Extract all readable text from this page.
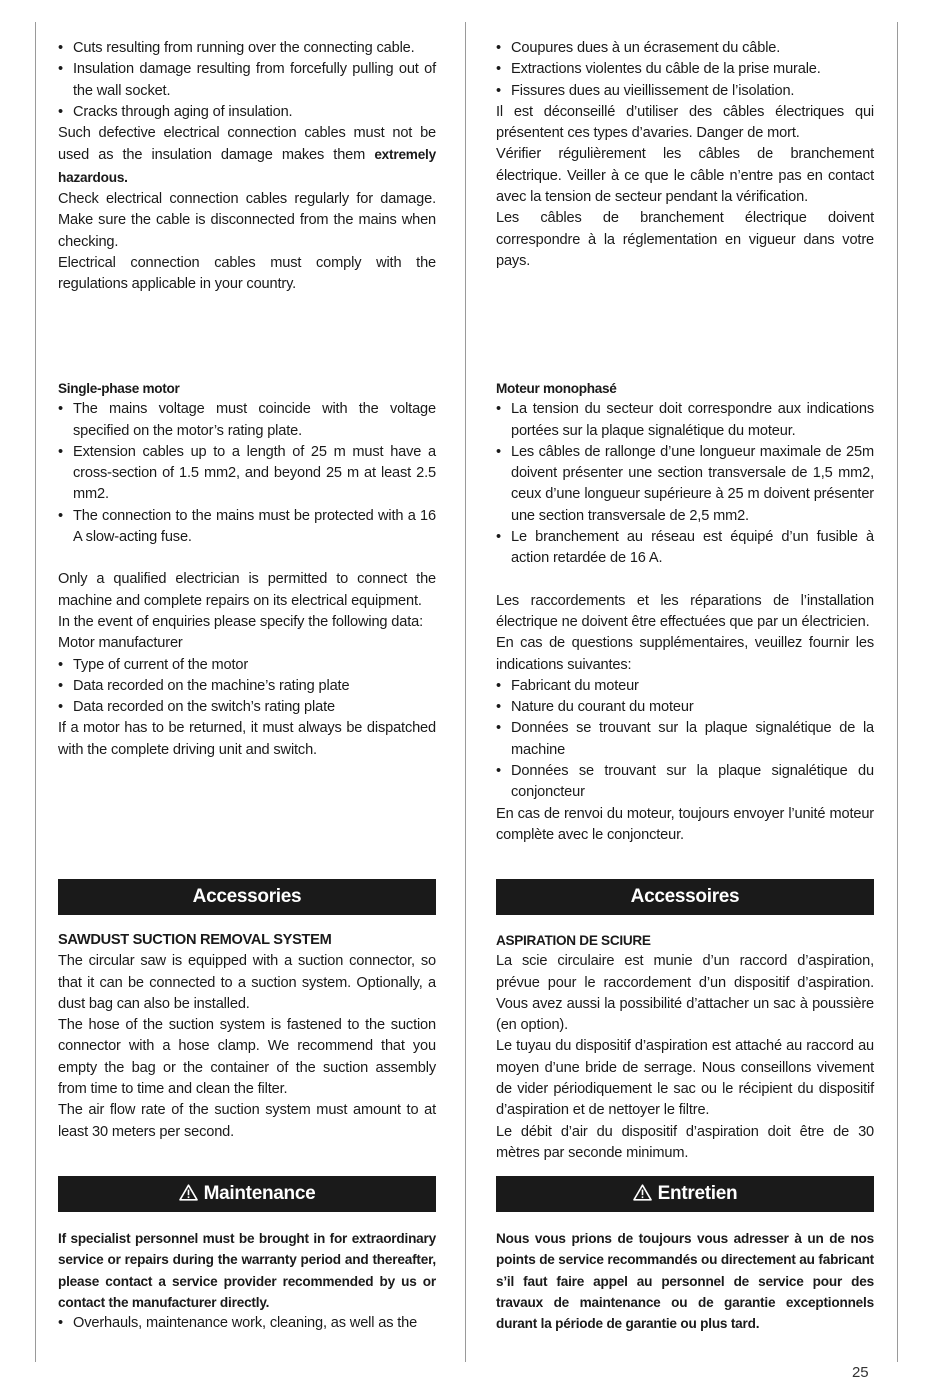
• Cuts resulting from running over the connecting cable.
• Insulation damage resulting from forcefully pulling out of the wall socket.
• Cracks through aging of insulation.

Such defective electrical connection cables must not be used as the insulation damage makes them extremely hazardous.

Check electrical connection cables regularly for damage. Make sure the cable is disconnected from the mains when checking.

Electrical connection cables must comply with the regulations applicable in your country.

• Coupures dues à un écrasement du câble.
• Extractions violentes du câble de la prise murale.
• Fissures dues au vieillissement de l’isolation.

Il est déconseillé d’utiliser des câbles électriques qui présentent ces types d’avaries. Danger de mort.

Vérifier régulièrement les câbles de branchement électrique. Veiller à ce que le câble n’entre pas en contact avec la tension de secteur pendant la vérification.

Les câbles de branchement électrique doivent correspondre à la réglementation en vigueur dans votre pays.

Single-phase motor

• The mains voltage must coincide with the voltage specified on the motor’s rating plate.
• Extension cables up to a length of 25 m must have a cross-section of 1.5 mm2, and beyond 25 m at least 2.5 mm2.
• The connection to the mains must be protected with a 16 A slow-acting fuse.

Only a qualified electrician is permitted to connect the machine and complete repairs on its electrical equipment.

In the event of enquiries please specify the following data:

Motor manufacturer

• Type of current of the motor
• Data recorded on the machine’s rating plate
• Data recorded on the switch’s rating plate

If a motor has to be returned, it must always be dispatched with the complete driving unit and switch.

Moteur monophasé

• La tension du secteur doit correspondre aux indications portées sur la plaque signalétique du moteur.
• Les câbles de rallonge d’une longueur maximale de 25m doivent présenter une section transversale de 1,5 mm2, ceux d’une longueur supérieure à 25 m doivent présenter une section transversale de 2,5 mm2.
• Le branchement au réseau est équipé d’un fusible à action retardée de 16 A.

Les raccordements et les réparations de l’installation électrique ne doivent être effectuées que par un électricien.

En cas de questions supplémentaires, veuillez fournir les indications suivantes:

• Fabricant du moteur
• Nature du courant du moteur
• Données se trouvant sur la plaque signalétique de la machine
• Données se trouvant sur la plaque signalétique du conjoncteur

En cas de renvoi du moteur, toujours envoyer l’unité moteur complète avec le conjoncteur.

Accessories	Accessoires

SAWDUST SUCTION REMOVAL SYSTEM

The circular saw is equipped with a suction connector, so that it can be connected to a suction system. Optionally, a dust bag can also be installed.

The hose of the suction system is fastened to the suction connector with a hose clamp. We recommend that you empty the bag or the container of the suction assembly from time to time and clean the filter.

The air flow rate of the suction system must amount to at least 30 meters per second.

ASPIRATION DE SCIURE

La scie circulaire est munie d’un raccord d’aspiration, prévue pour le raccordement d’un dispositif d’aspiration. Vous avez aussi la possibilité d’attacher un sac à poussière (en option).

Le tuyau du dispositif d’aspiration est attaché au raccord au moyen d’une bride de serrage. Nous conseillons vivement de vider périodiquement le sac ou le récipient du dispositif d’aspiration et de nettoyer le filtre.

Le débit d’air du dispositif d’aspiration doit être de 30 mètres par seconde minimum.

Maintenance	Entretien

If specialist personnel must be brought in for extraordinary service or repairs during the warranty period and thereafter, please contact a service provider recommended by us or contact the manufacturer directly.

• Overhauls, maintenance work, cleaning, as well as the

Nous vous prions de toujours vous adresser à un de nos points de service recommandés ou directement au fabricant s’il faut faire appel au personnel de service pour des travaux de maintenance ou de garantie exceptionnels durant la période de garantie ou plus tard.

25
